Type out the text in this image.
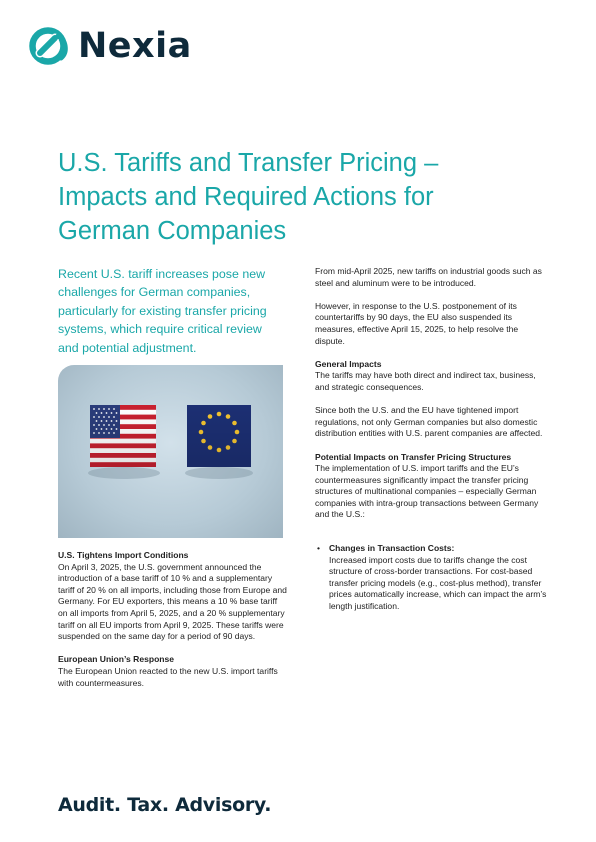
Nexia
U.S. Tariffs and Transfer Pricing – Impacts and Required Actions for German Companies
Recent U.S. tariff increases pose new challenges for German companies, particularly for existing transfer pricing systems, which require critical review and potential adjustment.
U.S. Tightens Import Conditions

On April 3, 2025, the U.S. government announced the introduction of a base tariff of 10 % and a supplementary tariff of 20 % on all imports, including those from Europe and Germany. For EU exporters, this means a 10 % base tariff on all imports from April 5, 2025, and a 20 % supplementary tariff on all EU imports from April 9, 2025. These tariffs were suspended on the same day for a period of 90 days.

European Union’s Response

The European Union reacted to the new U.S. import tariffs with countermeasures.

From mid-April 2025, new tariffs on industrial goods such as steel and aluminum were to be introduced.

However, in response to the U.S. postponement of its countertariffs by 90 days, the EU also suspended its measures, effective April 15, 2025, to help resolve the dispute.

General Impacts

The tariffs may have both direct and indirect tax, business, and strategic consequences.

Since both the U.S. and the EU have tightened import regulations, not only German companies but also domestic distribution entities with U.S. parent companies are affected.

Potential Impacts on Transfer Pricing Structures

The implementation of U.S. import tariffs and the EU’s countermeasures significantly impact the transfer pricing structures of multinational companies – especially German companies with intra-group transactions between Germany and the U.S.:

• Changes in Transaction Costs:
Increased import costs due to tariffs change the cost structure of cross-border transactions. For cost-based transfer pricing models (e.g., cost-plus method), transfer prices automatically increase, which can impact the arm’s length justification.
Audit. Tax. Advisory.
